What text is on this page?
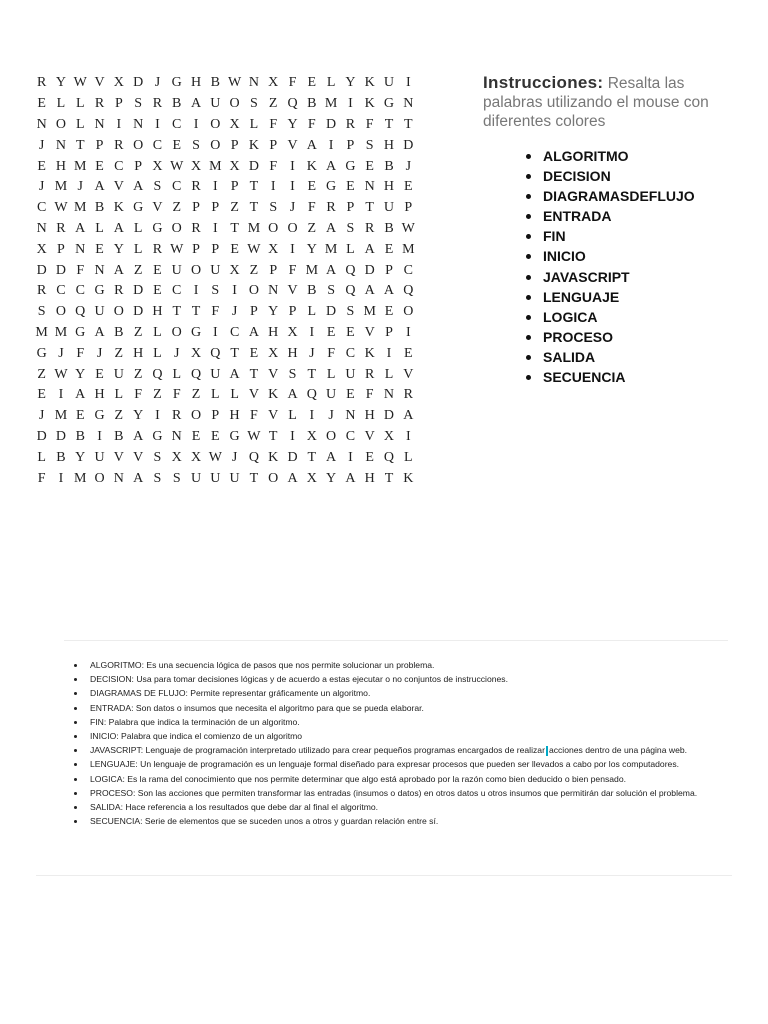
R Y W V X D J G H B W N X F E L Y K U I
E L L R P S R B A U O S Z Q B M I K G N
N O L N I N I C I O X L F Y F D R F T T
J N T P R O C E S O P K P V A I P S H D
E H M E C P X W X M X D F I K A G E B J
J M J A V A S C R I P T I	I E G E N H E
C W M B K G V Z P P Z T S J F R P T U P
N R A L A L G O R I T M O O Z A S R B W
X P N E Y L R W P P E W X I Y M L A E M
D D F N A Z E U O U X Z P F M A Q D P C
R C C G R D E C I S I O N V B S Q A A Q
S O Q U O D H T T F J P Y P L D S M E O
M M G A B Z L O G I C A H X I E E V P I
G J F J Z H L J X Q T E X H J F C K I E
Z W Y E U Z Q L Q U A T V S T L U R L V
E I A H L F Z F Z L L V K A Q U E F N R
J M E G Z Y I R O P H F V L I	J N H D A
D D B I B A G N E E G W T I X O C V X I
L B Y U V V S X X W J Q K D T A I E Q L
F I M O N A S S U U U T O A X Y A H T K
Instrucciones: Resalta las palabras utilizando el mouse con diferentes colores
ALGORITMO
DECISION
DIAGRAMASDEFLUJO
ENTRADA
FIN
INICIO
JAVASCRIPT
LENGUAJE
LOGICA
PROCESO
SALIDA
SECUENCIA
ALGORITMO: Es una secuencia lógica de pasos que nos permite solucionar un problema.
DECISION: Usa para tomar decisiones lógicas y de acuerdo a estas ejecutar o no conjuntos de instrucciones.
DIAGRAMAS DE FLUJO: Permite representar gráficamente un algoritmo.
ENTRADA: Son datos o insumos que necesita el algoritmo para que se pueda elaborar.
FIN: Palabra que indica la terminación de un algoritmo.
INICIO: Palabra que indica el comienzo de un algoritmo
JAVASCRIPT: Lenguaje de programación interpretado utilizado para crear pequeños programas encargados de realizar acciones dentro de una página web.
LENGUAJE: Un lenguaje de programación es un lenguaje formal diseñado para expresar procesos que pueden ser llevados a cabo por los computadores.
LOGICA: Es la rama del conocimiento que nos permite determinar que algo está aprobado por la razón como bien deducido o bien pensado.
PROCESO: Son las acciones que permiten transformar las entradas (insumos o datos) en otros datos u otros insumos que permitirán dar solución el problema.
SALIDA: Hace referencia a los resultados que debe dar al final el algoritmo.
SECUENCIA: Serie de elementos que se suceden unos a otros y guardan relación entre sí.
